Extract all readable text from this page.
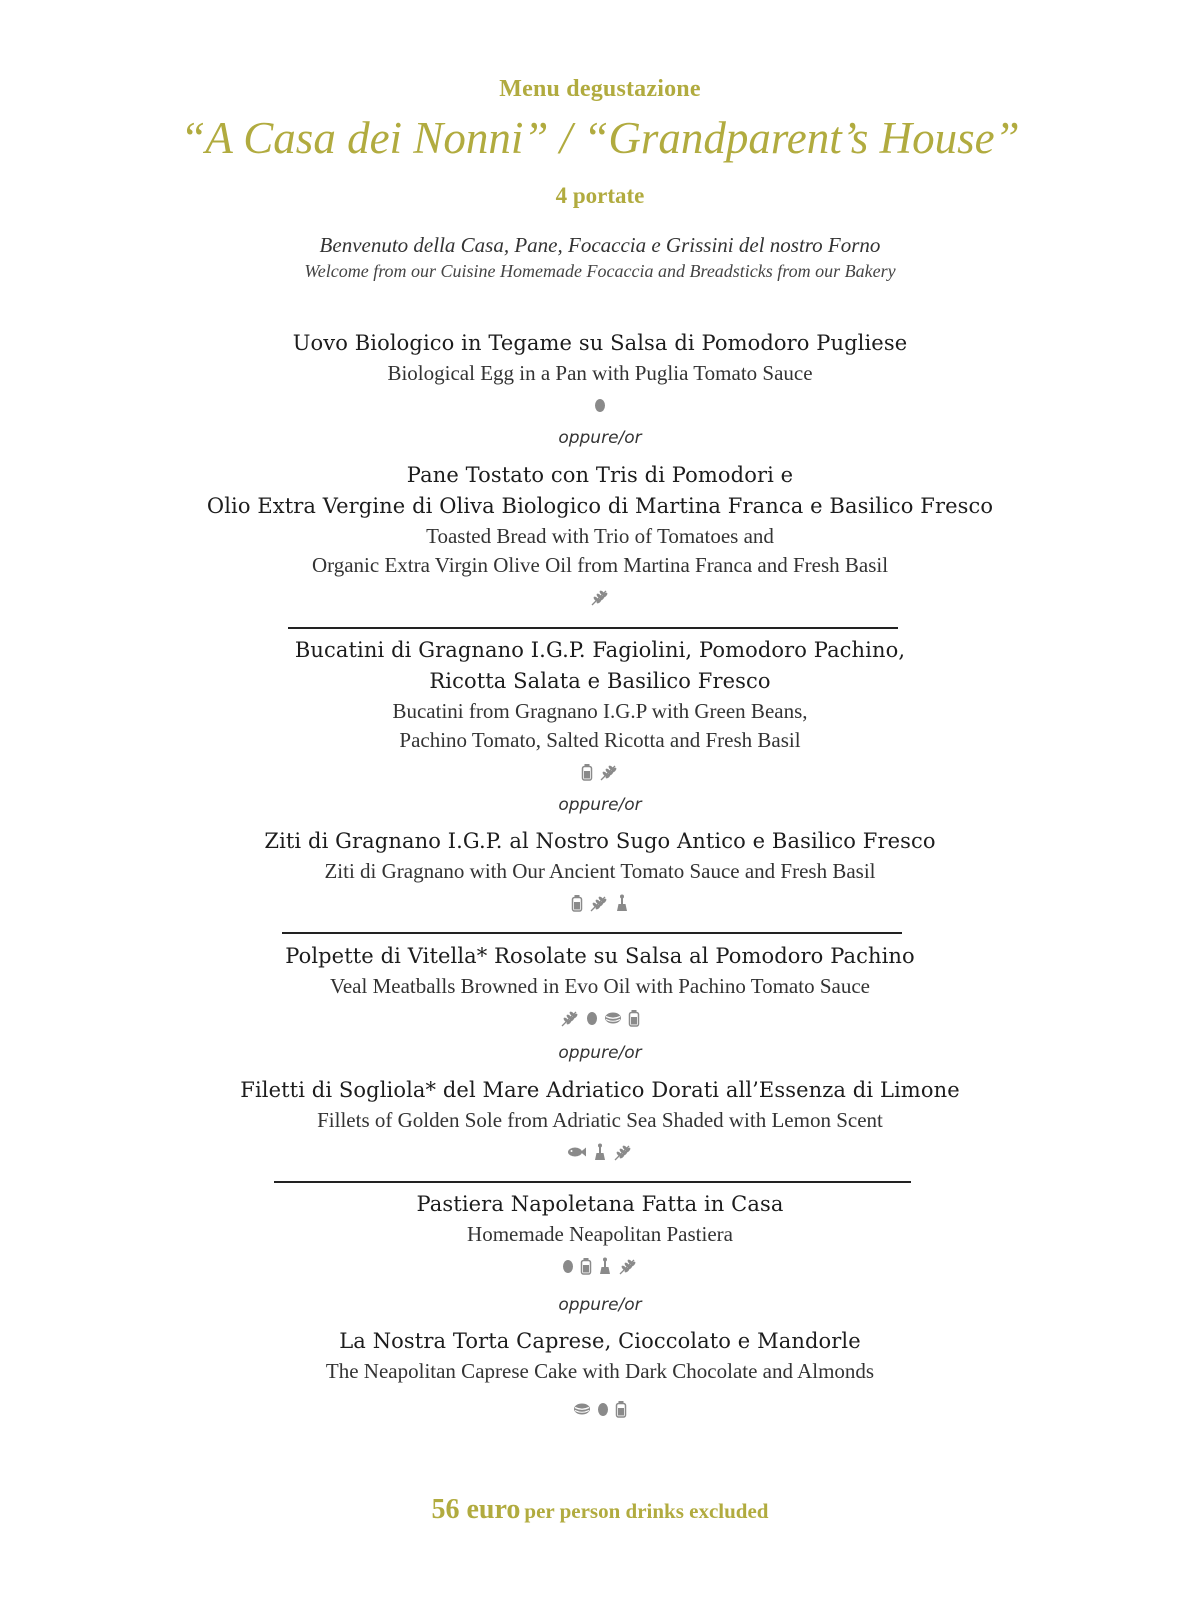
Menu degustazione
“A Casa dei Nonni” / “Grandparent’s House”
4 portate
Benvenuto della Casa, Pane, Focaccia e Grissini del nostro Forno
Welcome from our Cuisine Homemade Focaccia and Breadsticks from our Bakery
Uovo Biologico in Tegame su Salsa di Pomodoro Pugliese
Biological Egg in a Pan with Puglia Tomato Sauce
oppure/or
Pane Tostato con Tris di Pomodori e
Olio Extra Vergine di Oliva Biologico di Martina Franca e Basilico Fresco
Toasted Bread with Trio of Tomatoes and
Organic Extra Virgin Olive Oil from Martina Franca and Fresh Basil
Bucatini di Gragnano I.G.P. Fagiolini, Pomodoro Pachino,
Ricotta Salata e Basilico Fresco
Bucatini from Gragnano I.G.P with Green Beans,
Pachino Tomato, Salted Ricotta and Fresh Basil
oppure/or
Ziti di Gragnano I.G.P. al Nostro Sugo Antico e Basilico Fresco
Ziti di Gragnano with Our Ancient Tomato Sauce and Fresh Basil
Polpette di Vitella* Rosolate su Salsa al Pomodoro Pachino
Veal Meatballs Browned in Evo Oil with Pachino Tomato Sauce
oppure/or
Filetti di Sogliola* del Mare Adriatico Dorati all’Essenza di Limone
Fillets of Golden Sole from Adriatic Sea Shaded with Lemon Scent
Pastiera Napoletana Fatta in Casa
Homemade Neapolitan Pastiera
oppure/or
La Nostra Torta Caprese, Cioccolato e Mandorle
The Neapolitan Caprese Cake with Dark Chocolate and Almonds
56 euro per person drinks excluded
